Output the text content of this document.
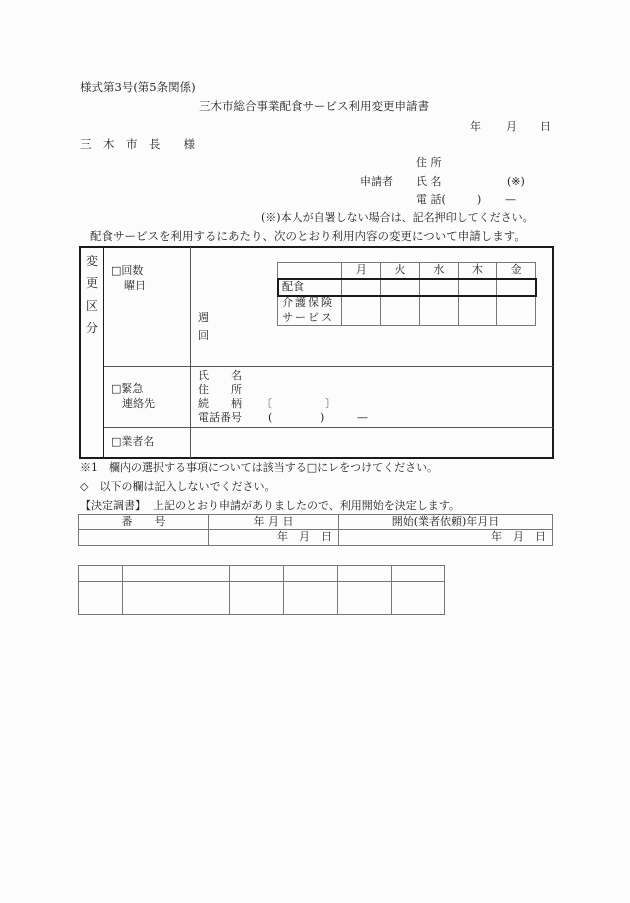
様式第3号(第5条関係)
三木市総合事業配食サービス利用変更申請書
年 月 日
三　木　市　長　　様
住 所
申請者 氏 名	(※)
電 話(	) —
(※)本人が自署しない場合は、記名押印してください。
配食サービスを利用するにあたり、次のとおり利用内容の変更について申請します。
変
更
区
分
□回数
曜日
週
回
	月	火	水	木	金
配食					
介護保険
サービス					
□緊急
連絡先
氏　　名
住　　所
続　　柄 〔	〕
電話番号 (	)	—
□業者名
※1　欄内の選択する事項については該当する□にレをつけてください。
◇　以下の欄は記入しないでください。
【決定調書】 上記のとおり申請がありましたので、利用開始を決定します。
番　　号	年 月 日	開始(業者依頼)年月日
	年　月　日	年　月　日
